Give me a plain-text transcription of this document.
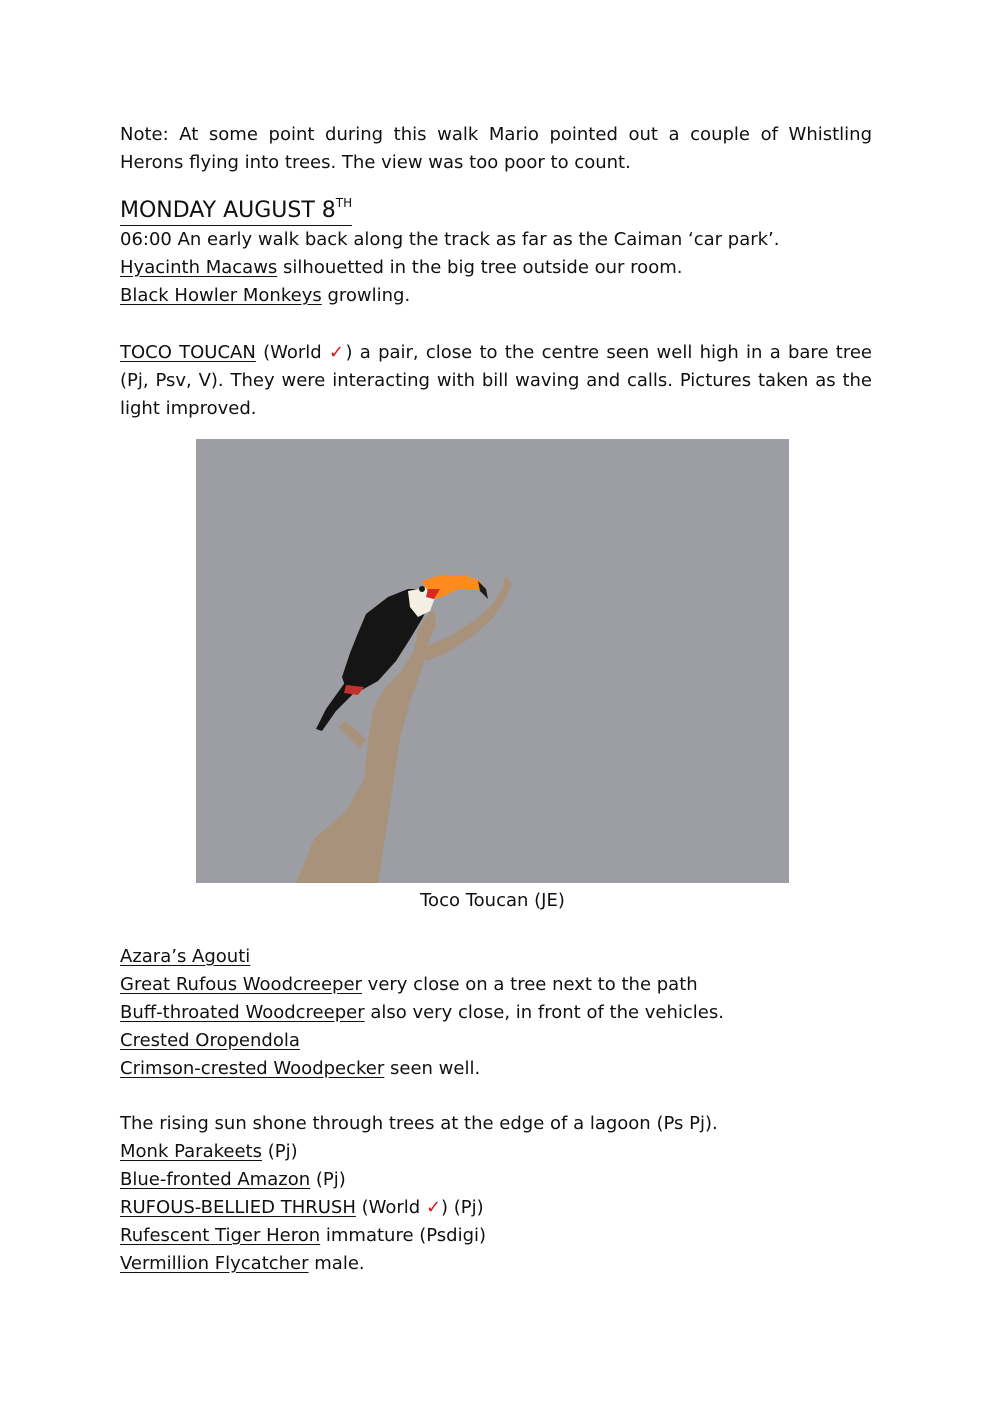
Note: At some point during this walk Mario pointed out a couple of Whistling Herons flying into trees. The view was too poor to count.

MONDAY AUGUST 8TH

06:00 An early walk back along the track as far as the Caiman ‘car park’.

Hyacinth Macaws silhouetted in the big tree outside our room.

Black Howler Monkeys growling.

TOCO TOUCAN (World ✓) a pair, close to the centre seen well high in a bare tree (Pj, Psv, V). They were interacting with bill waving and calls. Pictures taken as the light improved.

Toco Toucan (JE)

Azara’s Agouti

Great Rufous Woodcreeper very close on a tree next to the path

Buff-throated Woodcreeper also very close, in front of the vehicles.

Crested Oropendola

Crimson-crested Woodpecker seen well.

The rising sun shone through trees at the edge of a lagoon (Ps Pj).

Monk Parakeets (Pj)

Blue-fronted Amazon (Pj)

RUFOUS-BELLIED THRUSH (World ✓) (Pj)

Rufescent Tiger Heron immature (Psdigi)

Vermillion Flycatcher male.
